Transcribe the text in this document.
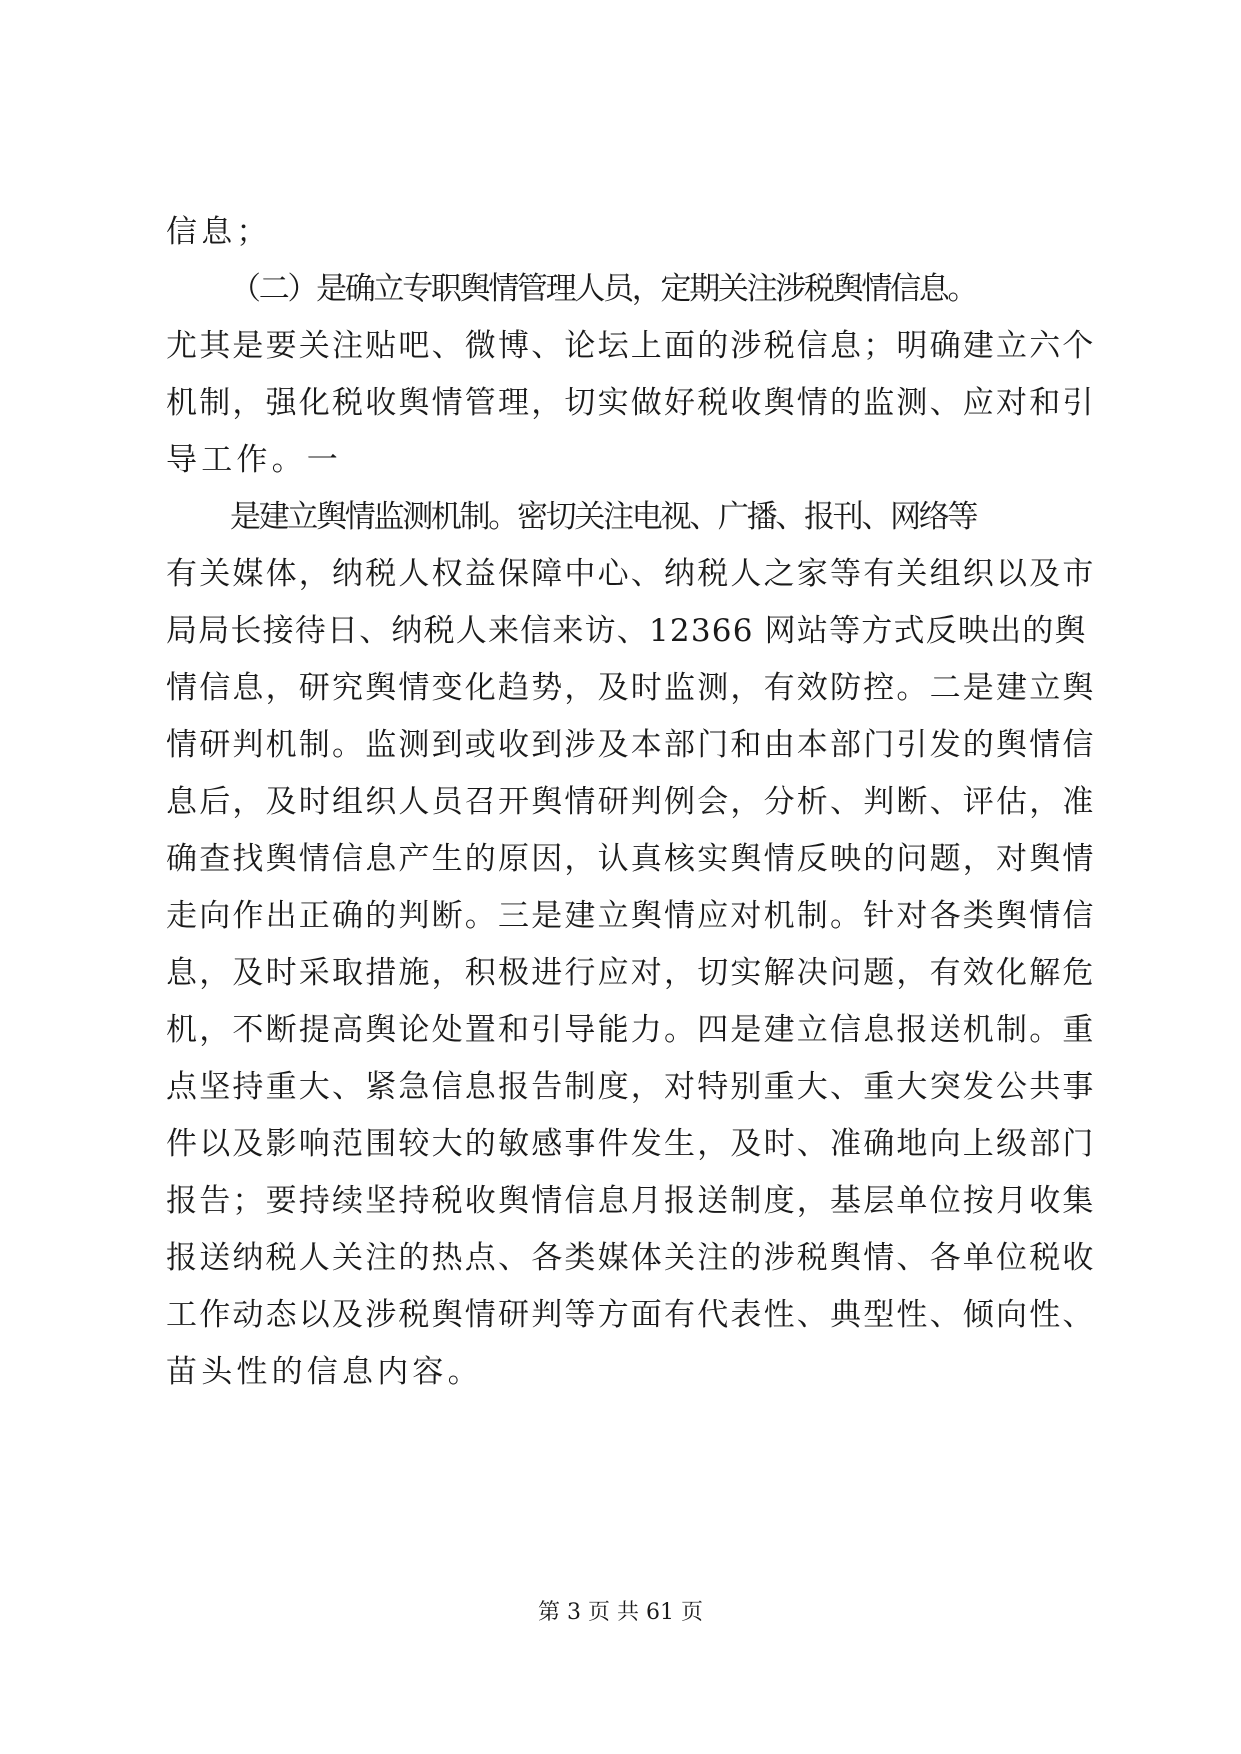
信息；
（二）是确立专职舆情管理人员，定期关注涉税舆情信息。
尤其是要关注贴吧、微博、论坛上面的涉税信息；明确建立六个
机制，强化税收舆情管理，切实做好税收舆情的监测、应对和引
导工作。一
是建立舆情监测机制。密切关注电视、广播、报刊、网络等
有关媒体，纳税人权益保障中心、纳税人之家等有关组织以及市
局局长接待日、纳税人来信来访、12366 网站等方式反映出的舆
情信息，研究舆情变化趋势，及时监测，有效防控。二是建立舆
情研判机制。监测到或收到涉及本部门和由本部门引发的舆情信
息后，及时组织人员召开舆情研判例会，分析、判断、评估，准
确查找舆情信息产生的原因，认真核实舆情反映的问题，对舆情
走向作出正确的判断。三是建立舆情应对机制。针对各类舆情信
息，及时采取措施，积极进行应对，切实解决问题，有效化解危
机，不断提高舆论处置和引导能力。四是建立信息报送机制。重
点坚持重大、紧急信息报告制度，对特别重大、重大突发公共事
件以及影响范围较大的敏感事件发生，及时、准确地向上级部门
报告；要持续坚持税收舆情信息月报送制度，基层单位按月收集
报送纳税人关注的热点、各类媒体关注的涉税舆情、各单位税收
工作动态以及涉税舆情研判等方面有代表性、典型性、倾向性、
苗头性的信息内容。
第 3 页 共 61 页
